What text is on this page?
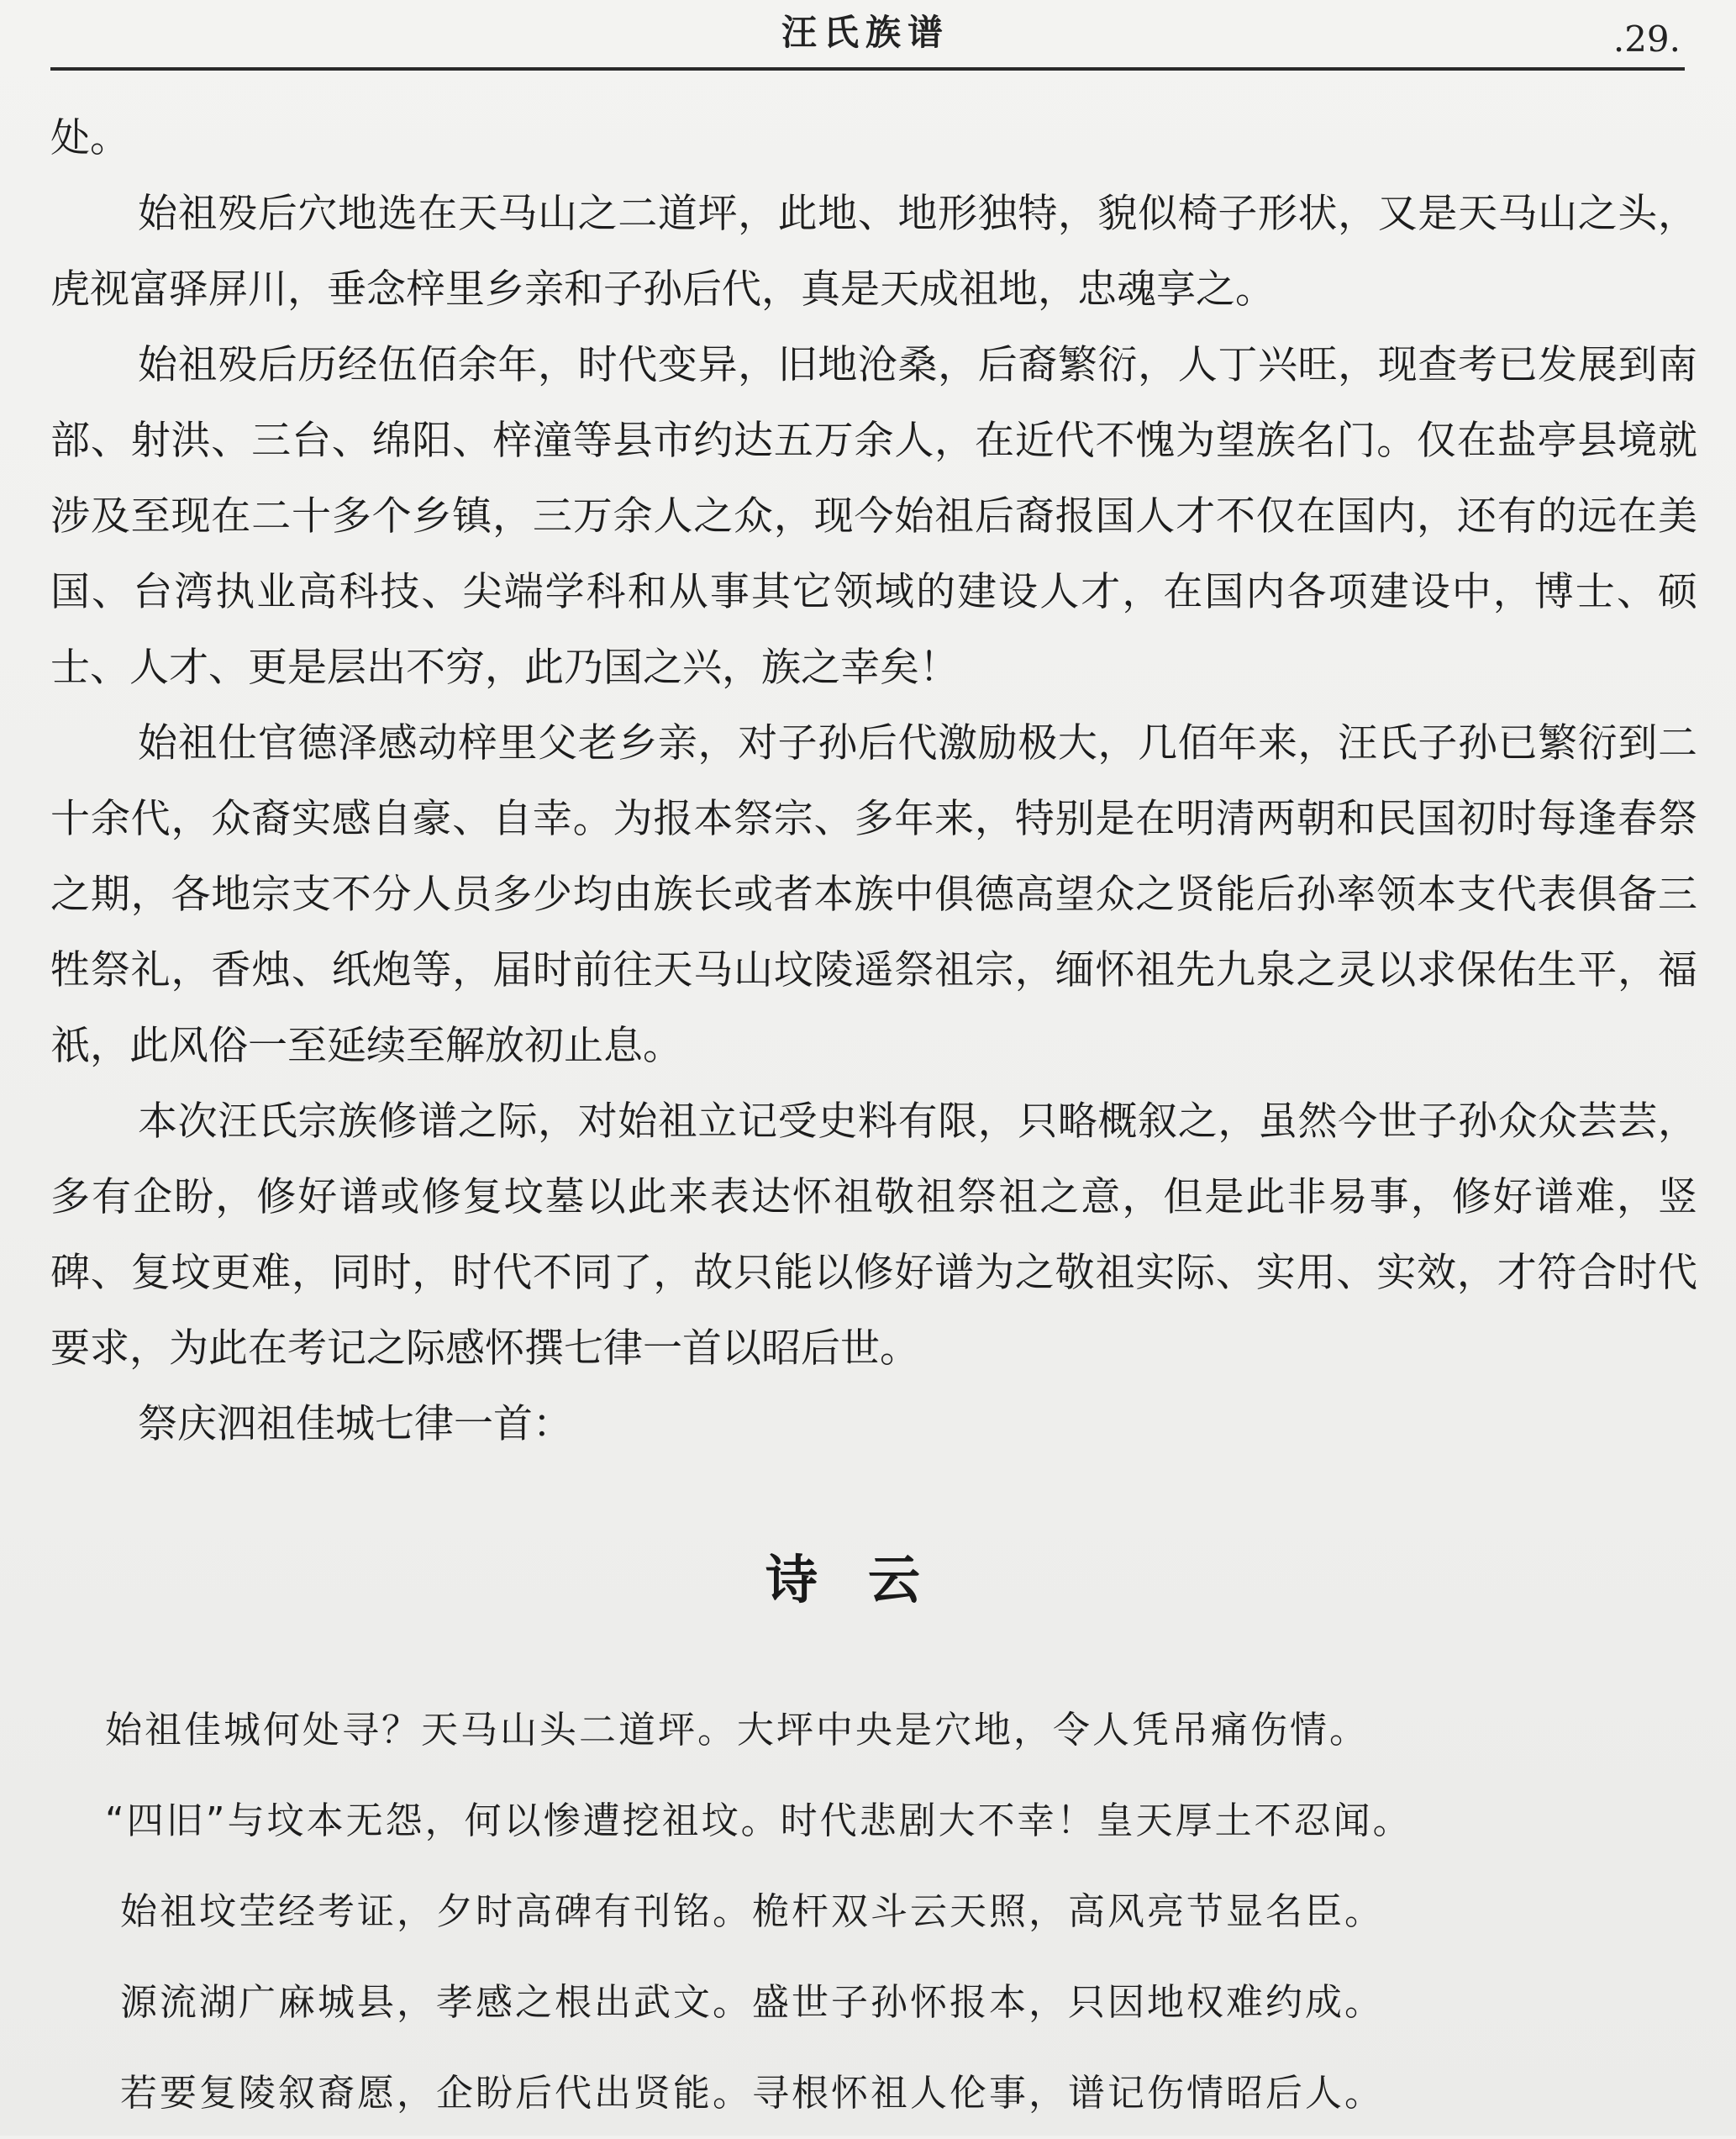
汪氏族谱	.29.

处。

始祖殁后穴地选在天马山之二道坪，此地、地形独特，貌似椅子形状，又是天马山之头，虎视富驿屏川，垂念梓里乡亲和子孙后代，真是天成祖地，忠魂享之。

始祖殁后历经伍佰余年，时代变异，旧地沧桑，后裔繁衍，人丁兴旺，现查考已发展到南部、射洪、三台、绵阳、梓潼等县市约达五万余人，在近代不愧为望族名门。仅在盐亭县境就涉及至现在二十多个乡镇，三万余人之众，现今始祖后裔报国人才不仅在国内，还有的远在美国、台湾执业高科技、尖端学科和从事其它领域的建设人才，在国内各项建设中，博士、硕士、人才、更是层出不穷，此乃国之兴，族之幸矣！

始祖仕官德泽感动梓里父老乡亲，对子孙后代激励极大，几佰年来，汪氏子孙已繁衍到二十余代，众裔实感自豪、自幸。为报本祭宗、多年来，特别是在明清两朝和民国初时每逢春祭之期，各地宗支不分人员多少均由族长或者本族中俱德高望众之贤能后孙率领本支代表俱备三牲祭礼，香烛、纸炮等，届时前往天马山坟陵遥祭祖宗，缅怀祖先九泉之灵以求保佑生平，福祇，此风俗一至延续至解放初止息。

本次汪氏宗族修谱之际，对始祖立记受史料有限，只略概叙之，虽然今世子孙众众芸芸，多有企盼，修好谱或修复坟墓以此来表达怀祖敬祖祭祖之意，但是此非易事，修好谱难，竖碑、复坟更难，同时，时代不同了，故只能以修好谱为之敬祖实际、实用、实效，才符合时代要求，为此在考记之际感怀撰七律一首以昭后世。

祭庆泗祖佳城七律一首：

诗云
始祖佳城何处寻？天马山头二道坪。大坪中央是穴地，令人凭吊痛伤情。
“四旧”与坟本无怨，何以惨遭挖祖坟。时代悲剧大不幸！皇天厚土不忍闻。
始祖坟茔经考证，夕时高碑有刊铭。桅杆双斗云天照，高风亮节显名臣。
源流湖广麻城县，孝感之根出武文。盛世子孙怀报本，只因地权难约成。
若要复陵叙裔愿，企盼后代出贤能。寻根怀祖人伦事，谱记伤情昭后人。
